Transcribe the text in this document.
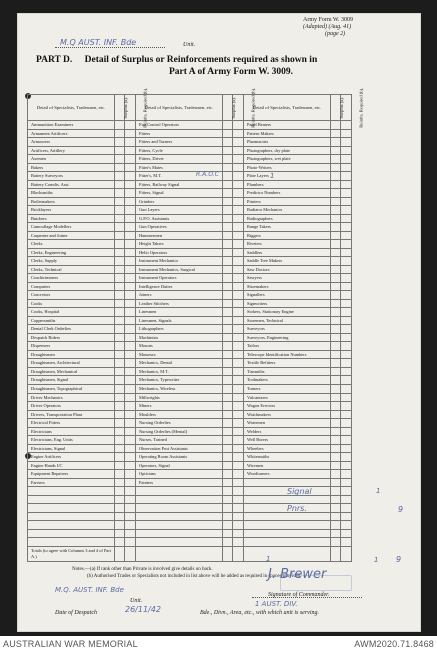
Army Form W. 3009
(Adapted) (Aug. 41)
(page 2)
M.Q AUST. INF. Bde	Unit.
PART D. Detail of Surplus or Reinforcements required as shown in
Part A of Army Form W. 3009.
Detail of Specialists, Tradesmen, etc.	Surplus (a).	Reinfts. Required (b).	Detail of Specialists, Tradesmen, etc.	Surplus (a).	Reinfts. Required (b).	Detail of Specialists, Tradesmen, etc.	Surplus (a).	Reinfts. Required (b).	
Ammunition Examiners			Fire Control Operators			Panel Beaters			
Armament Artificers			Fitters			Pattern Makers			
Armourers			Fitters and Turners			Pharmacists			
Artificers, Artillery			Fitters, Cycle			Photographers, dry plate			
Axemen			Fitters, Driver			Photographers, wet plate			
Bakers			Fitter's Mates			Photo-Writers			
Battery Surveyors			Fitter's, M.T.			Plate Layers			
Battery Comdts. Asst.			Fitters, Railway Signal			Plumbers			
Blacksmiths			Fitters, Signal			Predictor Numbers			
Boilermakers			Grinders			Printers			
Bricklayers			Gun Layers			Radiator Mechanics			
Butchers			G.P.O. Assistants			Radiographers			
Camouflage Modellers			Gun Operatives			Range Takers			
Carpenter and Joiner			Hammermen			Riggers			
Clerks			Height Takers			Riveters			
Clerks, Engineering			Helio Operators			Saddlers			
Clerks, Supply			Instrument Mechanics			Saddle Tree Makers			
Clerks, Technical			Instrument Mechanics, Surgical			Saw Doctors			
Coachtrimmers			Instrument Operators			Sawyers			
Computers			Intelligence Duties			Shoemakers			
Concretors			Joiners			Signallers			
Cooks			Leather Stitchers			Signwriters			
Cooks, Hospital			Linesmen			Stokers, Stationary Engine			
Coppersmiths			Linesmen, Signals			Storemen, Technical			
Dental Clerk Orderlies			Lithographers			Surveyors			
Despatch Riders			Machinists			Surveyors, Engineering			
Dispensers			Masons			Tailors			
Draughtsmen			Masseurs			Telescope Identification Numbers			
Draughtsmen, Architectural			Mechanics, Dental			Textile Refitters			
Draughtsmen, Mechanical			Mechanics, M.T.			Tinsmiths			
Draughtsmen, Signal			Mechanics, Typewriter			Toolmakers			
Draughtsmen, Topographical			Mechanics, Wireless			Turners			
Driver Mechanics			Millwrights			Vulcanizers			
Driver Operators			Miners			Wagon Erectors			
Drivers, Transportation Plant			Moulders			Watchmakers			
Electrical Fitters			Nursing Orderlies			Watermen			
Electricians			Nursing Orderlies (Mental)			Welders			
Electricians, Eng. Units			Nurses, Trained			Well Borers			
Electricians, Signal			Observation Post Assistants			Wheelers			
Engine Artificers			Operating Room Assistants			Whitesmiths			
Engine Hands I/C			Operators, Signal			Wiremen			
Equipment Repairers			Opticians			Woodturners			
Farriers			Painters						

Totals (to agree with Columns 3 and 4 of Part A.)									
R.A.O.C	1
Signal	1
Pnrs.	9
1	1 9
Notes.—(a) If rank other than Private is involved give details on back.
(b) Authorised Trades or Specialists not included in list above will be added as required in spaces provided.
J. Brewer
Signature of Commander.
M.Q. AUST. INF. Bde
Unit.
Date of Despatch	26/11/42
1 AUST. DIV.
Bde., Divn., Area, etc., with which unit is serving.
AUSTRALIAN WAR MEMORIAL	AWM2020.71.8468
